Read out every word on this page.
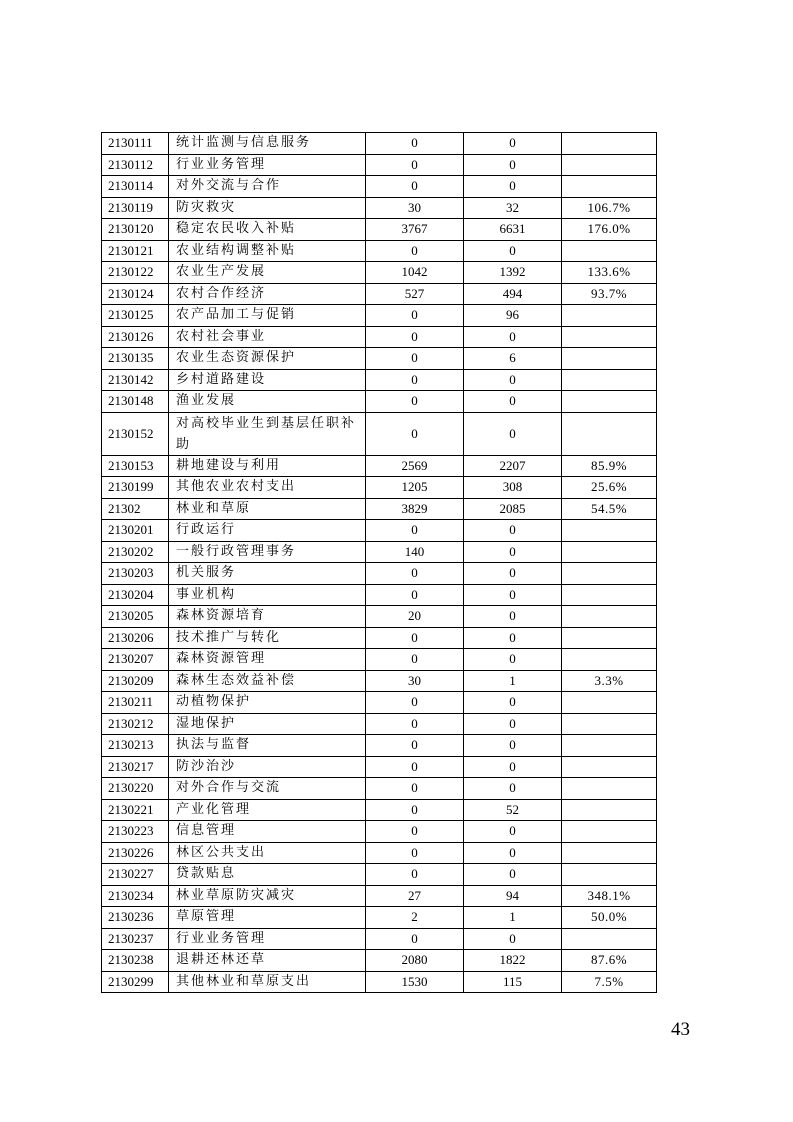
2130111	统计监测与信息服务	0	0	
2130112	行业业务管理	0	0	
2130114	对外交流与合作	0	0	
2130119	防灾救灾	30	32	106.7%
2130120	稳定农民收入补贴	3767	6631	176.0%
2130121	农业结构调整补贴	0	0	
2130122	农业生产发展	1042	1392	133.6%
2130124	农村合作经济	527	494	93.7%
2130125	农产品加工与促销	0	96	
2130126	农村社会事业	0	0	
2130135	农业生态资源保护	0	6	
2130142	乡村道路建设	0	0	
2130148	渔业发展	0	0	
2130152	对高校毕业生到基层任职补助	0	0	
2130153	耕地建设与利用	2569	2207	85.9%
2130199	其他农业农村支出	1205	308	25.6%
21302	林业和草原	3829	2085	54.5%
2130201	行政运行	0	0	
2130202	一般行政管理事务	140	0	
2130203	机关服务	0	0	
2130204	事业机构	0	0	
2130205	森林资源培育	20	0	
2130206	技术推广与转化	0	0	
2130207	森林资源管理	0	0	
2130209	森林生态效益补偿	30	1	3.3%
2130211	动植物保护	0	0	
2130212	湿地保护	0	0	
2130213	执法与监督	0	0	
2130217	防沙治沙	0	0	
2130220	对外合作与交流	0	0	
2130221	产业化管理	0	52	
2130223	信息管理	0	0	
2130226	林区公共支出	0	0	
2130227	贷款贴息	0	0	
2130234	林业草原防灾减灾	27	94	348.1%
2130236	草原管理	2	1	50.0%
2130237	行业业务管理	0	0	
2130238	退耕还林还草	2080	1822	87.6%
2130299	其他林业和草原支出	1530	115	7.5%
43
